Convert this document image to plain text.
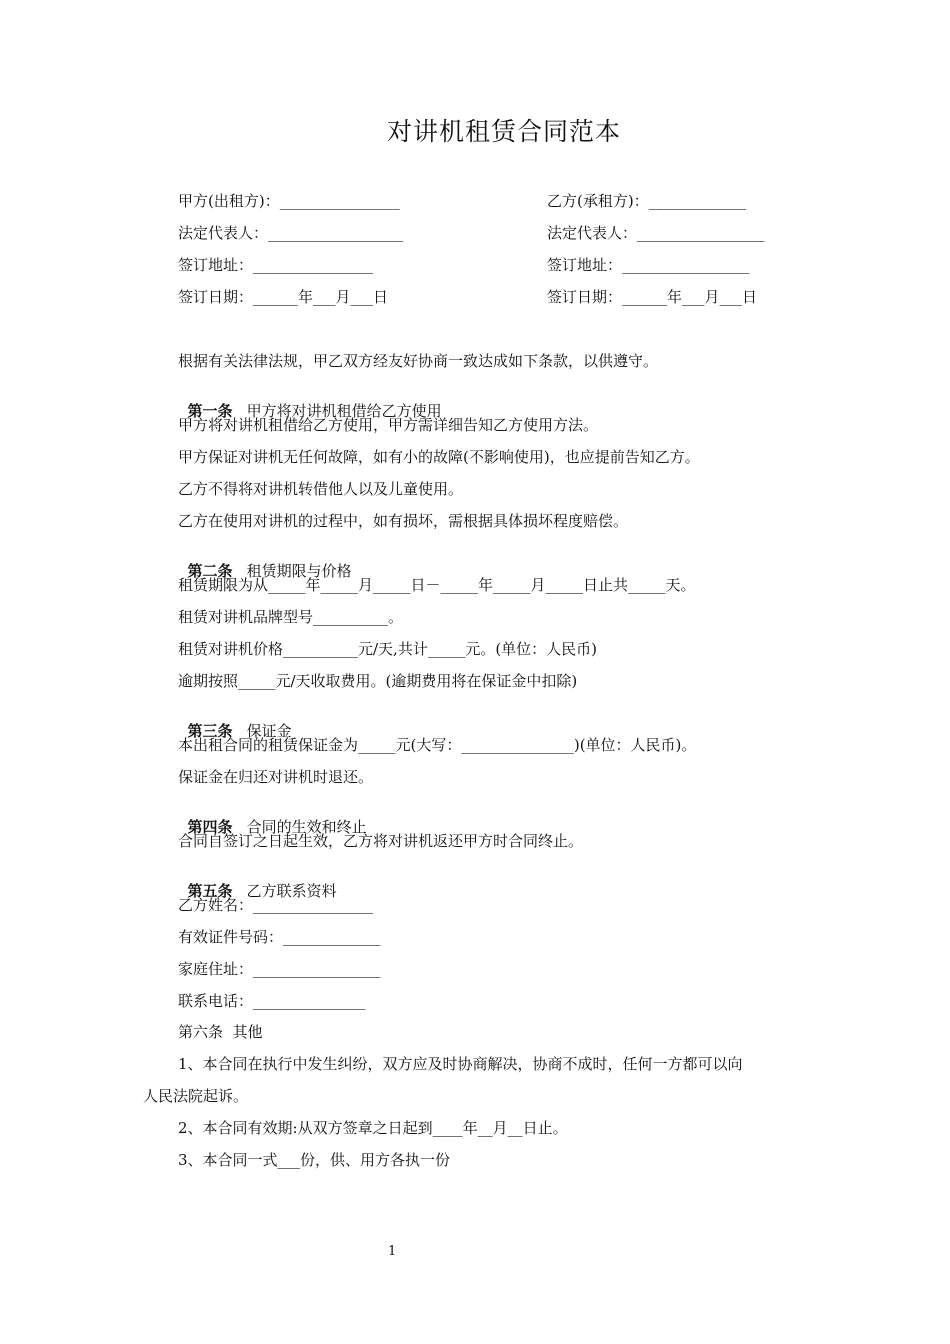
对讲机租赁合同范本
甲方(出租方)：________________
法定代表人：__________________
签订地址：________________
签订日期：______年___月___日
乙方(承租方)：_____________
法定代表人：_________________
签订地址：_________________
签订日期：______年___月___日
根据有关法律法规，甲乙双方经友好协商一致达成如下条款，以供遵守。

第一条 甲方将对讲机租借给乙方使用

甲方将对讲机租借给乙方使用，甲方需详细告知乙方使用方法。
甲方保证对讲机无任何故障，如有小的故障(不影响使用)，也应提前告知乙方。
乙方不得将对讲机转借他人以及儿童使用。
乙方在使用对讲机的过程中，如有损坏，需根据具体损坏程度赔偿。

第二条 租赁期限与价格

租赁期限为从_____年_____月_____日－_____年_____月_____日止共_____天。
租赁对讲机品牌型号__________。
租赁对讲机价格__________元/天,共计_____元。(单位：人民币)
逾期按照_____元/天收取费用。(逾期费用将在保证金中扣除)

第三条 保证金

本出租合同的租赁保证金为_____元(大写：_______________)(单位：人民币)。
保证金在归还对讲机时退还。

第四条 合同的生效和终止

合同自签订之日起生效，乙方将对讲机返还甲方时合同终止。

第五条 乙方联系资料

乙方姓名：________________
有效证件号码：_____________
家庭住址：_________________
联系电话：_______________
第六条  其他
1、本合同在执行中发生纠纷，双方应及时协商解决，协商不成时，任何一方都可以向
人民法院起诉。
2、本合同有效期:从双方签章之日起到____年__月__日止。
3、本合同一式___份，供、用方各执一份
1
